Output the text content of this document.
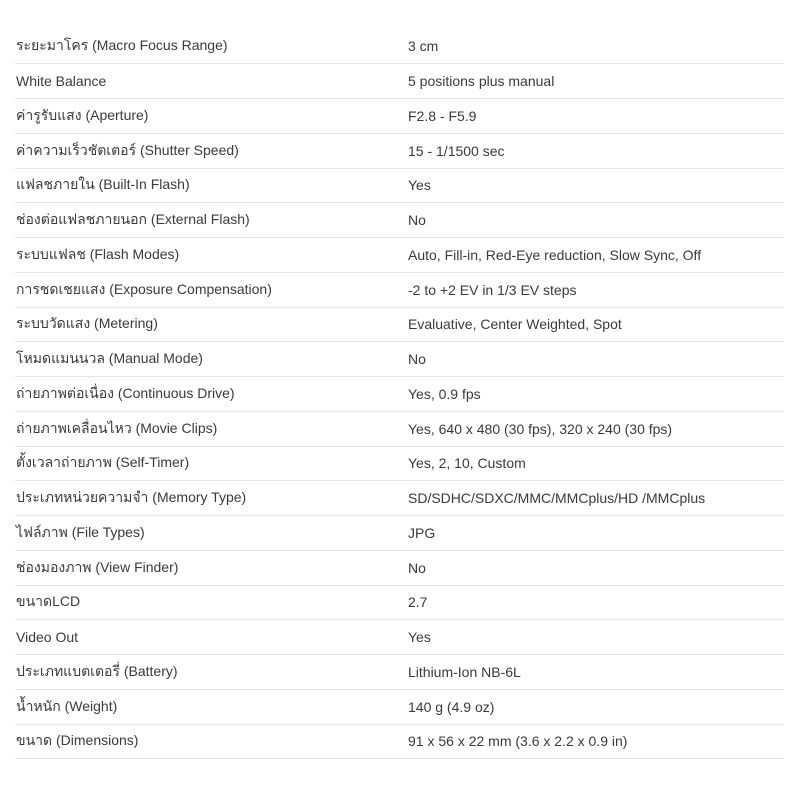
ระยะมาโคร (Macro Focus Range)	3 cm
White Balance	5 positions plus manual
ค่ารูรับแสง (Aperture)	F2.8 - F5.9
ค่าความเร็วชัตเตอร์ (Shutter Speed)	15 - 1/1500 sec
แฟลชภายใน (Built-In Flash)	Yes
ช่องต่อแฟลชภายนอก (External Flash)	No
ระบบแฟลช (Flash Modes)	Auto, Fill-in, Red-Eye reduction, Slow Sync, Off
การชดเชยแสง (Exposure Compensation)	-2 to +2 EV in 1/3 EV steps
ระบบวัดแสง (Metering)	Evaluative, Center Weighted, Spot
โหมดแมนนวล (Manual Mode)	No
ถ่ายภาพต่อเนื่อง (Continuous Drive)	Yes, 0.9 fps
ถ่ายภาพเคลื่อนไหว (Movie Clips)	Yes, 640 x 480 (30 fps), 320 x 240 (30 fps)
ตั้งเวลาถ่ายภาพ (Self-Timer)	Yes, 2, 10, Custom
ประเภทหน่วยความจำ (Memory Type)	SD/SDHC/SDXC/MMC/MMCplus/HD /MMCplus
ไฟล์ภาพ (File Types)	JPG
ช่องมองภาพ (View Finder)	No
ขนาดLCD	2.7
Video Out	Yes
ประเภทแบตเตอรี่ (Battery)	Lithium-Ion NB-6L
น้ำหนัก (Weight)	140 g (4.9 oz)
ขนาด (Dimensions)	91 x 56 x 22 mm (3.6 x 2.2 x 0.9 in)
